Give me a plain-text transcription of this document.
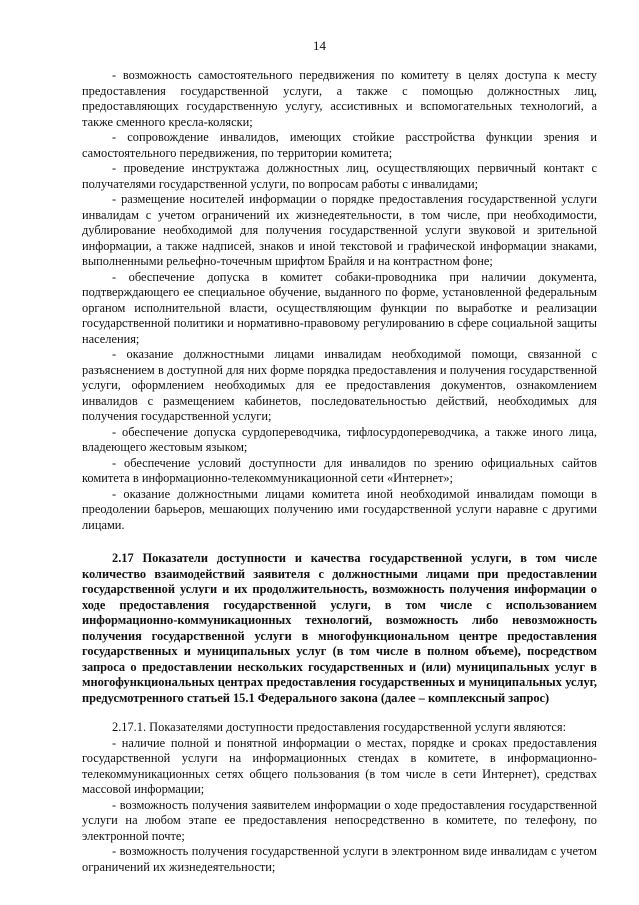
14

- возможность самостоятельного передвижения по комитету в целях доступа к месту предоставления государственной услуги, а также с помощью должностных лиц, предоставляющих государственную услугу, ассистивных и вспомогательных технологий, а также сменного кресла-коляски;

- сопровождение инвалидов, имеющих стойкие расстройства функции зрения и самостоятельного передвижения, по территории комитета;

- проведение инструктажа должностных лиц, осуществляющих первичный контакт с получателями государственной услуги, по вопросам работы с инвалидами;

- размещение носителей информации о порядке предоставления государственной услуги инвалидам с учетом ограничений их жизнедеятельности, в том числе, при необходимости, дублирование необходимой для получения государственной услуги звуковой и зрительной информации, а также надписей, знаков и иной текстовой и графической информации знаками, выполненными рельефно-точечным шрифтом Брайля и на контрастном фоне;

- обеспечение допуска в комитет собаки-проводника при наличии документа, подтверждающего ее специальное обучение, выданного по форме, установленной федеральным органом исполнительной власти, осуществляющим функции по выработке и реализации государственной политики и нормативно-правовому регулированию в сфере социальной защиты населения;

- оказание должностными лицами инвалидам необходимой помощи, связанной с разъяснением в доступной для них форме порядка предоставления и получения государственной услуги, оформлением необходимых для ее предоставления документов, ознакомлением инвалидов с размещением кабинетов, последовательностью действий, необходимых для получения государственной услуги;

- обеспечение допуска сурдопереводчика, тифлосурдопереводчика, а также иного лица, владеющего жестовым языком;

- обеспечение условий доступности для инвалидов по зрению официальных сайтов комитета в информационно-телекоммуникационной сети «Интернет»;

- оказание должностными лицами комитета иной необходимой инвалидам помощи в преодолении барьеров, мешающих получению ими государственной услуги наравне с другими лицами.

2.17 Показатели доступности и качества государственной услуги, в том числе количество взаимодействий заявителя с должностными лицами при предоставлении государственной услуги и их продолжительность, возможность получения информации о ходе предоставления государственной услуги, в том числе с использованием информационно-коммуникационных технологий, возможность либо невозможность получения государственной услуги в многофункциональном центре предоставления государственных и муниципальных услуг (в том числе в полном объеме), посредством запроса о предоставлении нескольких государственных и (или) муниципальных услуг в многофункциональных центрах предоставления государственных и муниципальных услуг, предусмотренного статьей 15.1 Федерального закона (далее – комплексный запрос)

2.17.1. Показателями доступности предоставления государственной услуги являются:

- наличие полной и понятной информации о местах, порядке и сроках предоставления государственной услуги на информационных стендах в комитете, в информационно-телекоммуникационных сетях общего пользования (в том числе в сети Интернет), средствах массовой информации;

- возможность получения заявителем информации о ходе предоставления государственной услуги на любом этапе ее предоставления непосредственно в комитете, по телефону, по электронной почте;

- возможность получения государственной услуги в электронном виде инвалидам с учетом ограничений их жизнедеятельности;
